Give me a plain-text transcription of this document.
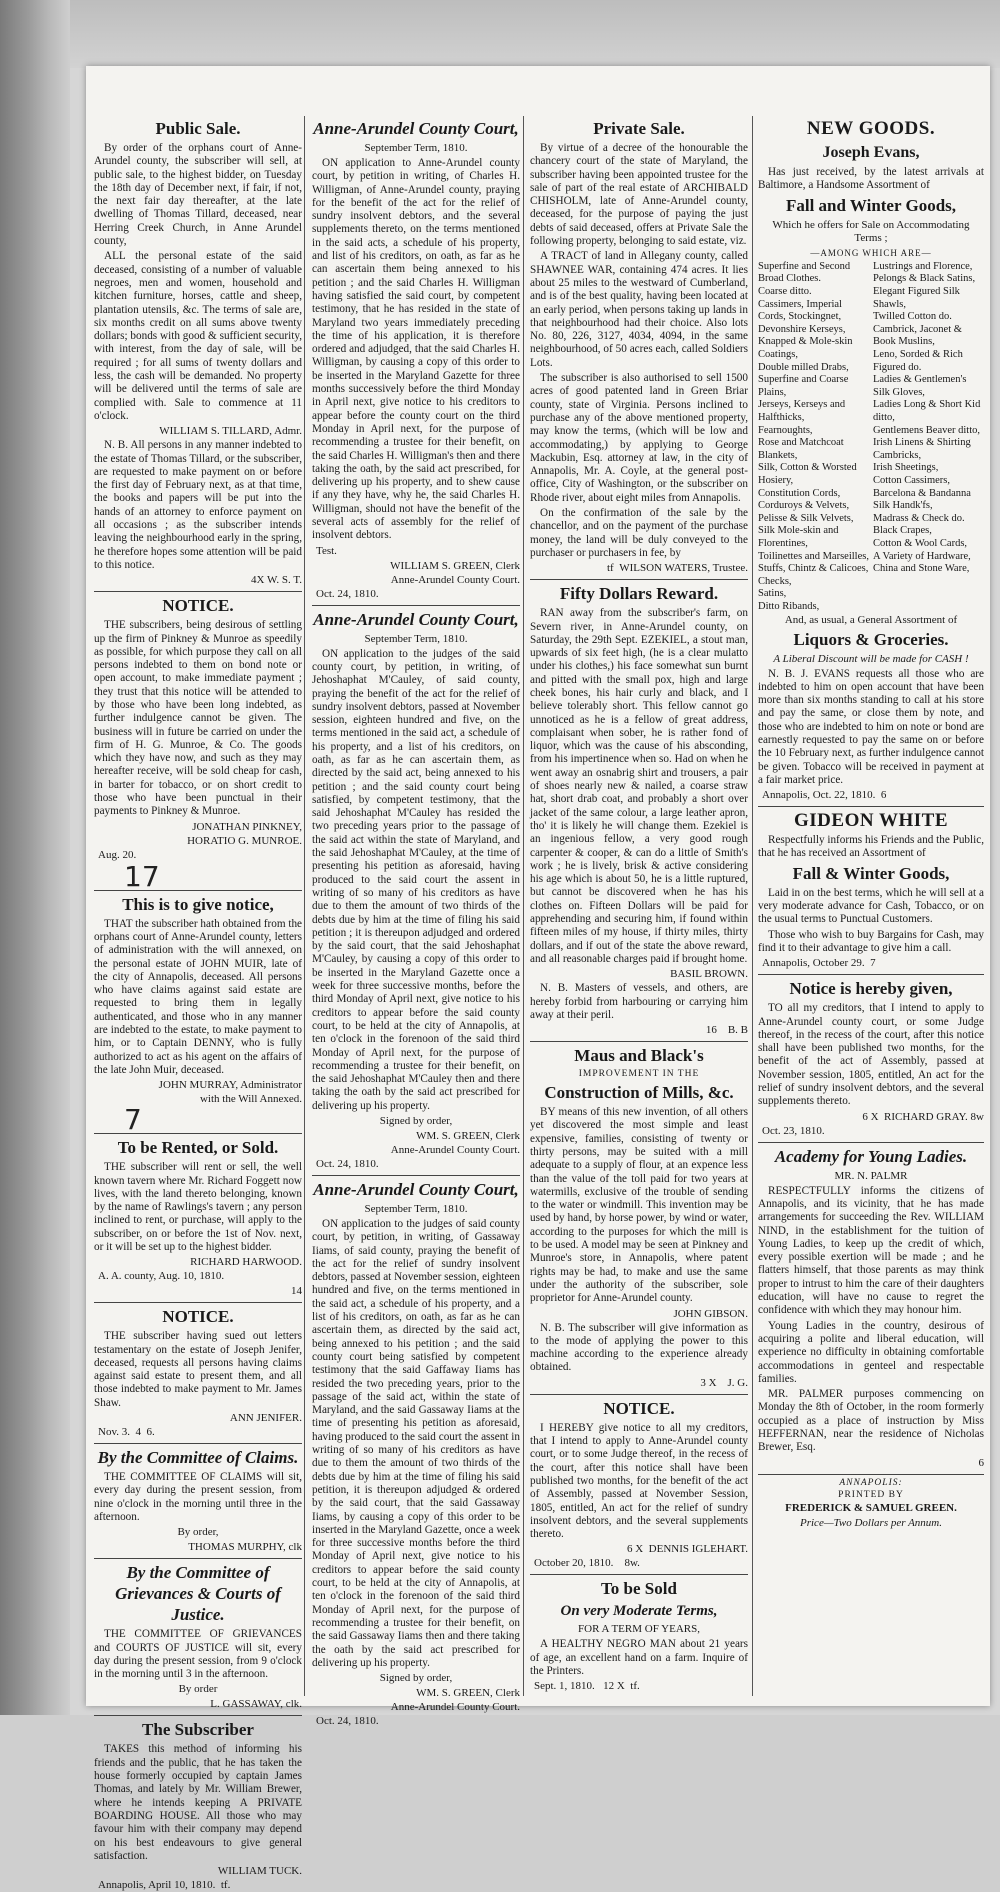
Public Sale.

By order of the orphans court of Anne-Arundel county, the subscriber will sell, at public sale, to the highest bidder, on Tuesday the 18th day of December next, if fair, if not, the next fair day thereafter, at the late dwelling of Thomas Tillard, deceased, near Herring Creek Church, in Anne Arundel county,

ALL the personal estate of the said deceased, consisting of a number of valuable negroes, men and women, household and kitchen furniture, horses, cattle and sheep, plantation utensils, &c. The terms of sale are, six months credit on all sums above twenty dollars; bonds with good & sufficient security, with interest, from the day of sale, will be required ; for all sums of twenty dollars and less, the cash will be demanded. No property will be delivered until the terms of sale are complied with. Sale to commence at 11 o'clock.

WILLIAM S. TILLARD, Admr.

N. B. All persons in any manner indebted to the estate of Thomas Tillard, or the subscriber, are requested to make payment on or before the first day of February next, as at that time, the books and papers will be put into the hands of an attorney to enforce payment on all occasions ; as the subscriber intends leaving the neighbourhood early in the spring, he therefore hopes some attention will be paid to this notice.

4X W. S. T.
NOTICE.

THE subscribers, being desirous of settling up the firm of Pinkney & Munroe as speedily as possible, for which purpose they call on all persons indebted to them on bond note or open account, to make immediate payment ; they trust that this notice will be attended to by those who have been long indebted, as further indulgence cannot be given. The business will in future be carried on under the firm of H. G. Munroe, & Co. The goods which they have now, and such as they may hereafter receive, will be sold cheap for cash, in barter for tobacco, or on short credit to those who have been punctual in their payments to Pinkney & Munroe.

JONATHAN PINKNEY,
HORATIO G. MUNROE.
Aug. 20.
17
This is to give notice,

THAT the subscriber hath obtained from the orphans court of Anne-Arundel county, letters of administration with the will annexed, on the personal estate of JOHN MUIR, late of the city of Annapolis, deceased. All persons who have claims against said estate are requested to bring them in legally authenticated, and those who in any manner are indebted to the estate, to make payment to him, or to Captain DENNY, who is fully authorized to act as his agent on the affairs of the late John Muir, deceased.

JOHN MURRAY, Administrator
with the Will Annexed.
7
To be Rented, or Sold.

THE subscriber will rent or sell, the well known tavern where Mr. Richard Foggett now lives, with the land thereto belonging, known by the name of Rawlings's tavern ; any person inclined to rent, or purchase, will apply to the subscriber, on or before the 1st of Nov. next, or it will be set up to the highest bidder.

RICHARD HARWOOD.
A. A. county, Aug. 10, 1810.
14
NOTICE.

THE subscriber having sued out letters testamentary on the estate of Joseph Jenifer, deceased, requests all persons having claims against said estate to present them, and all those indebted to make payment to Mr. James Shaw.

ANN JENIFER.
Nov. 3. 4 6.
By the Committee of Claims.

THE COMMITTEE OF CLAIMS will sit, every day during the present session, from nine o'clock in the morning until three in the afternoon.

By order,
THOMAS MURPHY, clk
By the Committee of Grievances & Courts of Justice.

THE COMMITTEE OF GRIEVANCES and COURTS OF JUSTICE will sit, every day during the present session, from 9 o'clock in the morning until 3 in the afternoon.

By order
L. GASSAWAY, clk.
The Subscriber

TAKES this method of informing his friends and the public, that he has taken the house formerly occupied by captain James Thomas, and lately by Mr. William Brewer, where he intends keeping A PRIVATE BOARDING HOUSE. All those who may favour him with their company may depend on his best endeavours to give general satisfaction.

WILLIAM TUCK.
Annapolis, April 10, 1810. tf.
Anne-Arundel County Court,
September Term, 1810.

ON application to Anne-Arundel county court, by petition in writing, of Charles H. Willigman, of Anne-Arundel county, praying for the benefit of the act for the relief of sundry insolvent debtors, and the several supplements thereto, on the terms mentioned in the said acts, a schedule of his property, and list of his creditors, on oath, as far as he can ascertain them being annexed to his petition ; and the said Charles H. Willigman having satisfied the said court, by competent testimony, that he has resided in the state of Maryland two years immediately preceding the time of his application, it is therefore ordered and adjudged, that the said Charles H. Willigman, by causing a copy of this order to be inserted in the Maryland Gazette for three months successively before the third Monday in April next, give notice to his creditors to appear before the county court on the third Monday in April next, for the purpose of recommending a trustee for their benefit, on the said Charles H. Willigman's then and there taking the oath, by the said act prescribed, for delivering up his property, and to shew cause if any they have, why he, the said Charles H. Willigman, should not have the benefit of the several acts of assembly for the relief of insolvent debtors.

Test.
WILLIAM S. GREEN, Clerk
Anne-Arundel County Court.
Oct. 24, 1810.
Anne-Arundel County Court,
September Term, 1810.

ON application to the judges of the said county court, by petition, in writing, of Jehoshaphat M'Cauley, of said county, praying the benefit of the act for the relief of sundry insolvent debtors, passed at November session, eighteen hundred and five, on the terms mentioned in the said act, a schedule of his property, and a list of his creditors, on oath, as far as he can ascertain them, as directed by the said act, being annexed to his petition ; and the said county court being satisfied, by competent testimony, that the said Jehoshaphat M'Cauley has resided the two preceding years prior to the passage of the said act within the state of Maryland, and the said Jehoshaphat M'Cauley, at the time of presenting his petition as aforesaid, having produced to the said court the assent in writing of so many of his creditors as have due to them the amount of two thirds of the debts due by him at the time of filing his said petition ; it is thereupon adjudged and ordered by the said court, that the said Jehoshaphat M'Cauley, by causing a copy of this order to be inserted in the Maryland Gazette once a week for three successive months, before the third Monday of April next, give notice to his creditors to appear before the said county court, to be held at the city of Annapolis, at ten o'clock in the forenoon of the said third Monday of April next, for the purpose of recommending a trustee for their benefit, on the said Jehoshaphat M'Cauley then and there taking the oath by the said act prescribed for delivering up his property.

Signed by order,
WM. S. GREEN, Clerk
Anne-Arundel County Court.
Oct. 24, 1810.
Anne-Arundel County Court,
September Term, 1810.

ON application to the judges of said county court, by petition, in writing, of Gassaway Iiams, of said county, praying the benefit of the act for the relief of sundry insolvent debtors, passed at November session, eighteen hundred and five, on the terms mentioned in the said act, a schedule of his property, and a list of his creditors, on oath, as far as he can ascertain them, as directed by the said act, being annexed to his petition ; and the said county court being satisfied by competent testimony that the said Gaffaway Iiams has resided the two preceding years, prior to the passage of the said act, within the state of Maryland, and the said Gassaway Iiams at the time of presenting his petition as aforesaid, having produced to the said court the assent in writing of so many of his creditors as have due to them the amount of two thirds of the debts due by him at the time of filing his said petition, it is thereupon adjudged & ordered by the said court, that the said Gassaway Iiams, by causing a copy of this order to be inserted in the Maryland Gazette, once a week for three successive months before the third Monday of April next, give notice to his creditors to appear before the said county court, to be held at the city of Annapolis, at ten o'clock in the forenoon of the said third Monday of April next, for the purpose of recommending a trustee for their benefit, on the said Gassaway Iiams then and there taking the oath by the said act prescribed for delivering up his property.

Signed by order,
WM. S. GREEN, Clerk
Anne-Arundel County Court.
Oct. 24, 1810.
Private Sale.

By virtue of a decree of the honourable the chancery court of the state of Maryland, the subscriber having been appointed trustee for the sale of part of the real estate of ARCHIBALD CHISHOLM, late of Anne-Arundel county, deceased, for the purpose of paying the just debts of said deceased, offers at Private Sale the following property, belonging to said estate, viz.

A TRACT of land in Allegany county, called SHAWNEE WAR, containing 474 acres. It lies about 25 miles to the westward of Cumberland, and is of the best quality, having been located at an early period, when persons taking up lands in that neighbourhood had their choice. Also lots No. 80, 226, 3127, 4034, 4094, in the same neighbourhood, of 50 acres each, called Soldiers Lots.

The subscriber is also authorised to sell 1500 acres of good patented land in Green Briar county, state of Virginia. Persons inclined to purchase any of the above mentioned property, may know the terms, (which will be low and accommodating,) by applying to George Mackubin, Esq. attorney at law, in the city of Annapolis, Mr. A. Coyle, at the general post-office, City of Washington, or the subscriber on Rhode river, about eight miles from Annapolis.

On the confirmation of the sale by the chancellor, and on the payment of the purchase money, the land will be duly conveyed to the purchaser or purchasers in fee, by

tf WILSON WATERS, Trustee.
Fifty Dollars Reward.

RAN away from the subscriber's farm, on Severn river, in Anne-Arundel county, on Saturday, the 29th Sept. EZEKIEL, a stout man, upwards of six feet high, (he is a clear mulatto under his clothes,) his face somewhat sun burnt and pitted with the small pox, high and large cheek bones, his hair curly and black, and I believe tolerably short. This fellow cannot go unnoticed as he is a fellow of great address, complaisant when sober, he is rather fond of liquor, which was the cause of his absconding, from his impertinence when so. Had on when he went away an osnabrig shirt and trousers, a pair of shoes nearly new & nailed, a coarse straw hat, short drab coat, and probably a short over jacket of the same colour, a large leather apron, tho' it is likely he will change them. Ezekiel is an ingenious fellow, a very good rough carpenter & cooper, & can do a little of Smith's work ; he is lively, brisk & active considering his age which is about 50, he is a little ruptured, but cannot be discovered when he has his clothes on. Fifteen Dollars will be paid for apprehending and securing him, if found within fifteen miles of my house, if thirty miles, thirty dollars, and if out of the state the above reward, and all reasonable charges paid if brought home.

BASIL BROWN.

N. B. Masters of vessels, and others, are hereby forbid from harbouring or carrying him away at their peril.

16 B. B
Maus and Black's
IMPROVEMENT IN THE
Construction of Mills, &c.

BY means of this new invention, of all others yet discovered the most simple and least expensive, families, consisting of twenty or thirty persons, may be suited with a mill adequate to a supply of flour, at an expence less than the value of the toll paid for two years at watermills, exclusive of the trouble of sending to the water or windmill. This invention may be used by hand, by horse power, by wind or water, according to the purposes for which the mill is to be used. A model may be seen at Pinkney and Munroe's store, in Annapolis, where patent rights may be had, to make and use the same under the authority of the subscriber, sole proprietor for Anne-Arundel county.

JOHN GIBSON.

N. B. The subscriber will give information as to the mode of applying the power to this machine according to the experience already obtained.

3 X J. G.
NOTICE.

I HEREBY give notice to all my creditors, that I intend to apply to Anne-Arundel county court, or to some Judge thereof, in the recess of the court, after this notice shall have been published two months, for the benefit of the act of Assembly, passed at November Session, 1805, entitled, An act for the relief of sundry insolvent debtors, and the several supplements thereto.

6 X DENNIS IGLEHART.
October 20, 1810. 8w.
To be Sold
On very Moderate Terms,
FOR A TERM OF YEARS,

A HEALTHY NEGRO MAN about 21 years of age, an excellent hand on a farm. Inquire of the Printers.

Sept. 1, 1810. 12 X tf.
NEW GOODS.
Joseph Evans,

Has just received, by the latest arrivals at Baltimore, a Handsome Assortment of

Fall and Winter Goods,
Which he offers for Sale on Accommodating Terms ;
—AMONG WHICH ARE—
Superfine and Second Broad Clothes.
Coarse ditto.
Cassimers, Imperial Cords, Stockingnet,
Devonshire Kerseys,
Knapped & Mole-skin Coatings,
Double milled Drabs,
Superfine and Coarse Plains,
Jerseys, Kerseys and Halfthicks,
Fearnoughts,
Rose and Matchcoat Blankets,
Silk, Cotton & Worsted Hosiery,
Constitution Cords,
Corduroys & Velvets,
Pelisse & Silk Velvets,
Silk Mole-skin and Florentines,
Toilinettes and Marseilles,
Stuffs, Chintz & Calicoes,
Checks,
Satins,
Ditto Ribands,
Lustrings and Florence,
Pelongs & Black Satins,
Elegant Figured Silk Shawls,
Twilled Cotton do.
Cambrick, Jaconet & Book Muslins,
Leno, Sorded & Rich Figured do.
Ladies & Gentlemen's Silk Gloves,
Ladies Long & Short Kid ditto,
Gentlemens Beaver ditto,
Irish Linens & Shirting Cambricks,
Irish Sheetings,
Cotton Cassimers,
Barcelona & Bandanna Silk Handk'fs,
Madrass & Check do.
Black Crapes,
Cotton & Wool Cards,
A Variety of Hardware,
China and Stone Ware,
And, as usual, a General Assortment of
Liquors & Groceries.
A Liberal Discount will be made for CASH !

N. B. J. EVANS requests all those who are indebted to him on open account that have been more than six months standing to call at his store and pay the same, or close them by note, and those who are indebted to him on note or bond are earnestly requested to pay the same on or before the 10 February next, as further indulgence cannot be given. Tobacco will be received in payment at a fair market price.

Annapolis, Oct. 22, 1810. 6
GIDEON WHITE

Respectfully informs his Friends and the Public, that he has received an Assortment of

Fall & Winter Goods,

Laid in on the best terms, which he will sell at a very moderate advance for Cash, Tobacco, or on the usual terms to Punctual Customers.

Those who wish to buy Bargains for Cash, may find it to their advantage to give him a call.

Annapolis, October 29. 7
Notice is hereby given,

TO all my creditors, that I intend to apply to Anne-Arundel county court, or some Judge thereof, in the recess of the court, after this notice shall have been published two months, for the benefit of the act of Assembly, passed at November session, 1805, entitled, An act for the relief of sundry insolvent debtors, and the several supplements thereto.

6 X RICHARD GRAY. 8w
Oct. 23, 1810.
Academy for Young Ladies.
MR. N. PALMR

RESPECTFULLY informs the citizens of Annapolis, and its vicinity, that he has made arrangements for succeeding the Rev. WILLIAM NIND, in the establishment for the tuition of Young Ladies, to keep up the credit of which, every possible exertion will be made ; and he flatters himself, that those parents as may think proper to intrust to him the care of their daughters education, will have no cause to regret the confidence with which they may honour him.

Young Ladies in the country, desirous of acquiring a polite and liberal education, will experience no difficulty in obtaining comfortable accommodations in genteel and respectable families.

MR. PALMER purposes commencing on Monday the 8th of October, in the room formerly occupied as a place of instruction by Miss HEFFERNAN, near the residence of Nicholas Brewer, Esq.

6
ANNAPOLIS:
PRINTED BY
FREDERICK & SAMUEL GREEN.
Price—Two Dollars per Annum.
